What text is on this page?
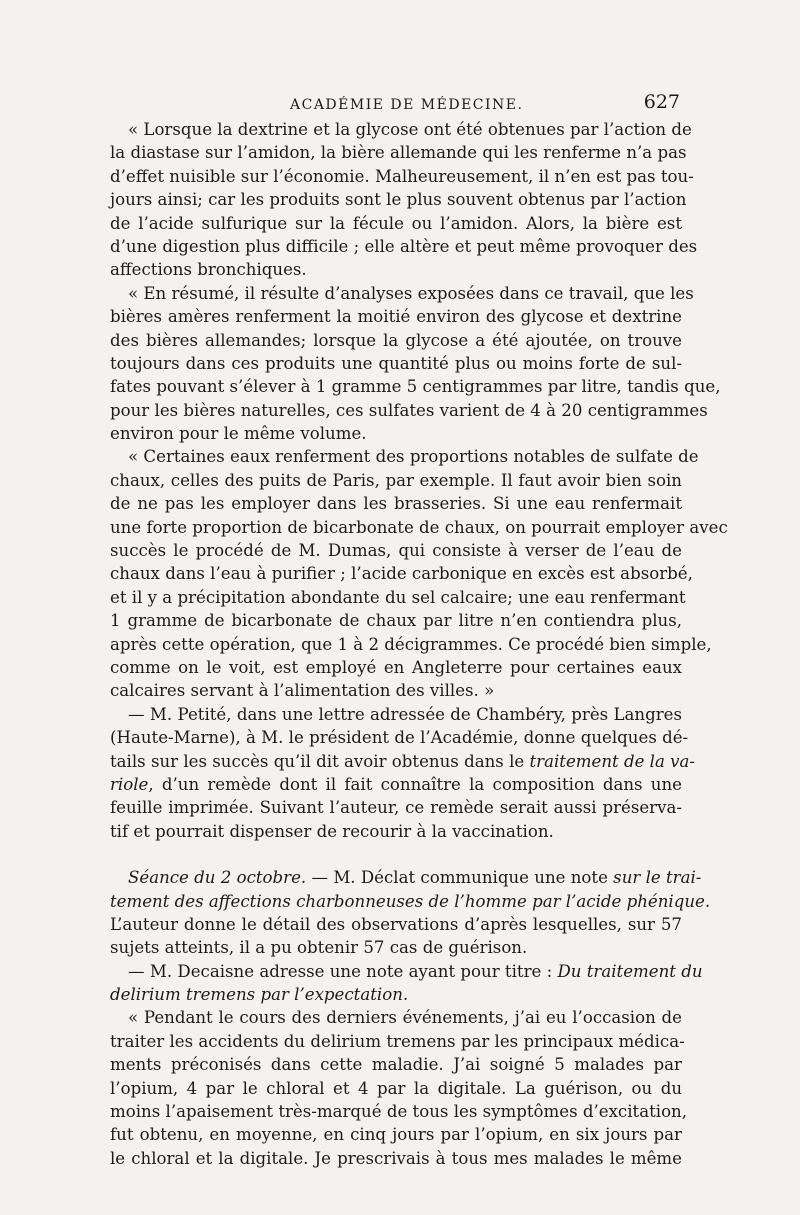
ACADÉMIE DE MÉDECINE.	627
« Lorsque la dextrine et la glycose ont été obtenues par l’action de
la diastase sur l’amidon, la bière allemande qui les renferme n’a pas
d’effet nuisible sur l’économie. Malheureusement, il n’en est pas tou-
jours ainsi; car les produits sont le plus souvent obtenus par l’action
de l’acide sulfurique sur la fécule ou l’amidon. Alors, la bière est
d’une digestion plus difficile ; elle altère et peut même provoquer des
affections bronchiques.
« En résumé, il résulte d’analyses exposées dans ce travail, que les
bières amères renferment la moitié environ des glycose et dextrine
des bières allemandes; lorsque la glycose a été ajoutée, on trouve
toujours dans ces produits une quantité plus ou moins forte de sul-
fates pouvant s’élever à 1 gramme 5 centigrammes par litre, tandis que,
pour les bières naturelles, ces sulfates varient de 4 à 20 centigrammes
environ pour le même volume.
« Certaines eaux renferment des proportions notables de sulfate de
chaux, celles des puits de Paris, par exemple. Il faut avoir bien soin
de ne pas les employer dans les brasseries. Si une eau renfermait
une forte proportion de bicarbonate de chaux, on pourrait employer avec
succès le procédé de M. Dumas, qui consiste à verser de l’eau de
chaux dans l’eau à purifier ; l’acide carbonique en excès est absorbé,
et il y a précipitation abondante du sel calcaire; une eau renfermant
1 gramme de bicarbonate de chaux par litre n’en contiendra plus,
après cette opération, que 1 à 2 décigrammes. Ce procédé bien simple,
comme on le voit, est employé en Angleterre pour certaines eaux
calcaires servant à l’alimentation des villes. »
— M. Petité, dans une lettre adressée de Chambéry, près Langres
(Haute-Marne), à M. le président de l’Académie, donne quelques dé-
tails sur les succès qu’il dit avoir obtenus dans le traitement de la va-
riole, d’un remède dont il fait connaître la composition dans une
feuille imprimée. Suivant l’auteur, ce remède serait aussi préserva-
tif et pourrait dispenser de recourir à la vaccination.
Séance du 2 octobre. — M. Déclat communique une note sur le trai-
tement des affections charbonneuses de l’homme par l’acide phénique.
L’auteur donne le détail des observations d’après lesquelles, sur 57
sujets atteints, il a pu obtenir 57 cas de guérison.
— M. Decaisne adresse une note ayant pour titre : Du traitement du
delirium tremens par l’expectation.
« Pendant le cours des derniers événements, j’ai eu l’occasion de
traiter les accidents du delirium tremens par les principaux médica-
ments préconisés dans cette maladie. J’ai soigné 5 malades par
l’opium, 4 par le chloral et 4 par la digitale. La guérison, ou du
moins l’apaisement très-marqué de tous les symptômes d’excitation,
fut obtenu, en moyenne, en cinq jours par l’opium, en six jours par
le chloral et la digitale. Je prescrivais à tous mes malades le même
